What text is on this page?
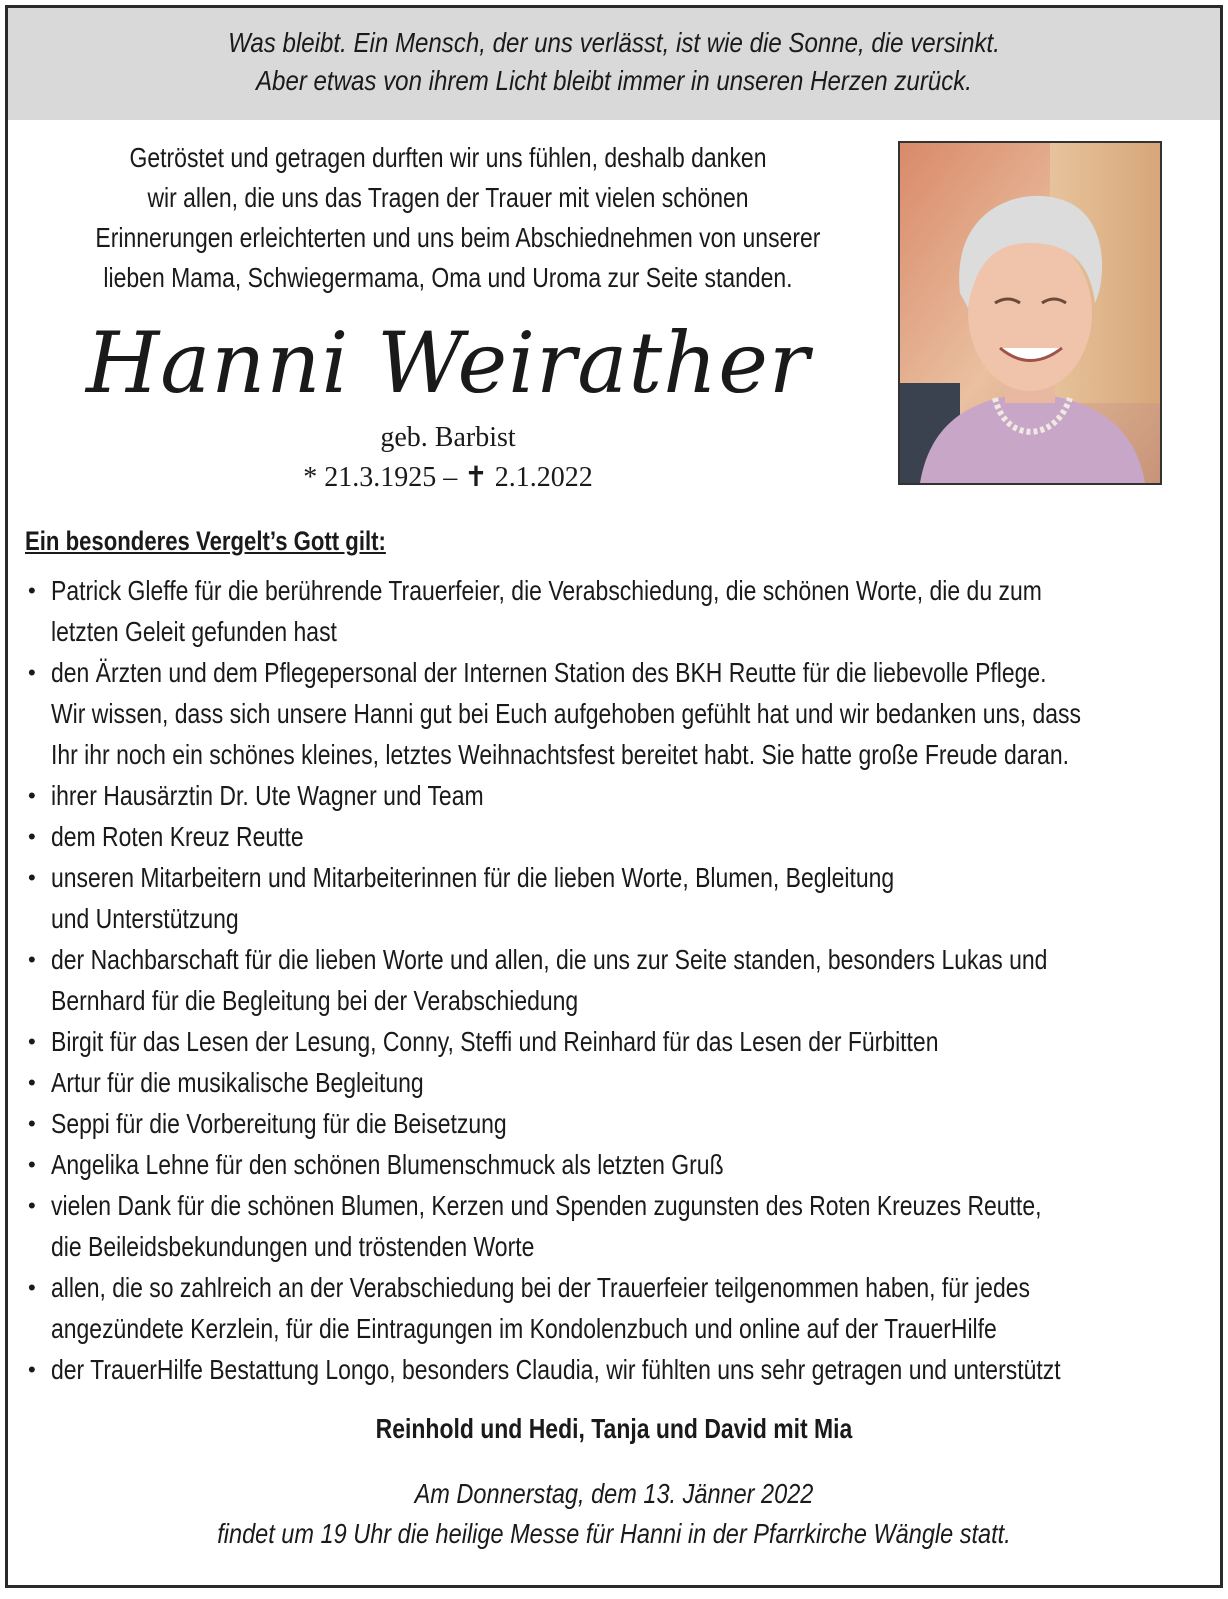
Was bleibt. Ein Mensch, der uns verlässt, ist wie die Sonne, die versinkt.
Aber etwas von ihrem Licht bleibt immer in unseren Herzen zurück.
Getröstet und getragen durften wir uns fühlen, deshalb danken
wir allen, die uns das Tragen der Trauer mit vielen schönen
Erinnerungen erleichterten und uns beim Abschiednehmen von unserer
lieben Mama, Schwiegermama, Oma und Uroma zur Seite standen.
Hanni Weirather
geb. Barbist
* 21.3.1925 – ✝ 2.1.2022
Ein besonderes Vergelt’s Gott gilt:
• Patrick Gleffe für die berührende Trauerfeier, die Verabschiedung, die schönen Worte, die du zum
letzten Geleit gefunden hast
• den Ärzten und dem Pflegepersonal der Internen Station des BKH Reutte für die liebevolle Pflege.
Wir wissen, dass sich unsere Hanni gut bei Euch aufgehoben gefühlt hat und wir bedanken uns, dass
Ihr ihr noch ein schönes kleines, letztes Weihnachtsfest bereitet habt. Sie hatte große Freude daran.
• ihrer Hausärztin Dr. Ute Wagner und Team
• dem Roten Kreuz Reutte
• unseren Mitarbeitern und Mitarbeiterinnen für die lieben Worte, Blumen, Begleitung
und Unterstützung
• der Nachbarschaft für die lieben Worte und allen, die uns zur Seite standen, besonders Lukas und
Bernhard für die Begleitung bei der Verabschiedung
• Birgit für das Lesen der Lesung, Conny, Steffi und Reinhard für das Lesen der Fürbitten
• Artur für die musikalische Begleitung
• Seppi für die Vorbereitung für die Beisetzung
• Angelika Lehne für den schönen Blumenschmuck als letzten Gruß
• vielen Dank für die schönen Blumen, Kerzen und Spenden zugunsten des Roten Kreuzes Reutte,
die Beileidsbekundungen und tröstenden Worte
• allen, die so zahlreich an der Verabschiedung bei der Trauerfeier teilgenommen haben, für jedes
angezündete Kerzlein, für die Eintragungen im Kondolenzbuch und online auf der TrauerHilfe
• der TrauerHilfe Bestattung Longo, besonders Claudia, wir fühlten uns sehr getragen und unterstützt
Reinhold und Hedi, Tanja und David mit Mia
Am Donnerstag, dem 13. Jänner 2022
findet um 19 Uhr die heilige Messe für Hanni in der Pfarrkirche Wängle statt.
